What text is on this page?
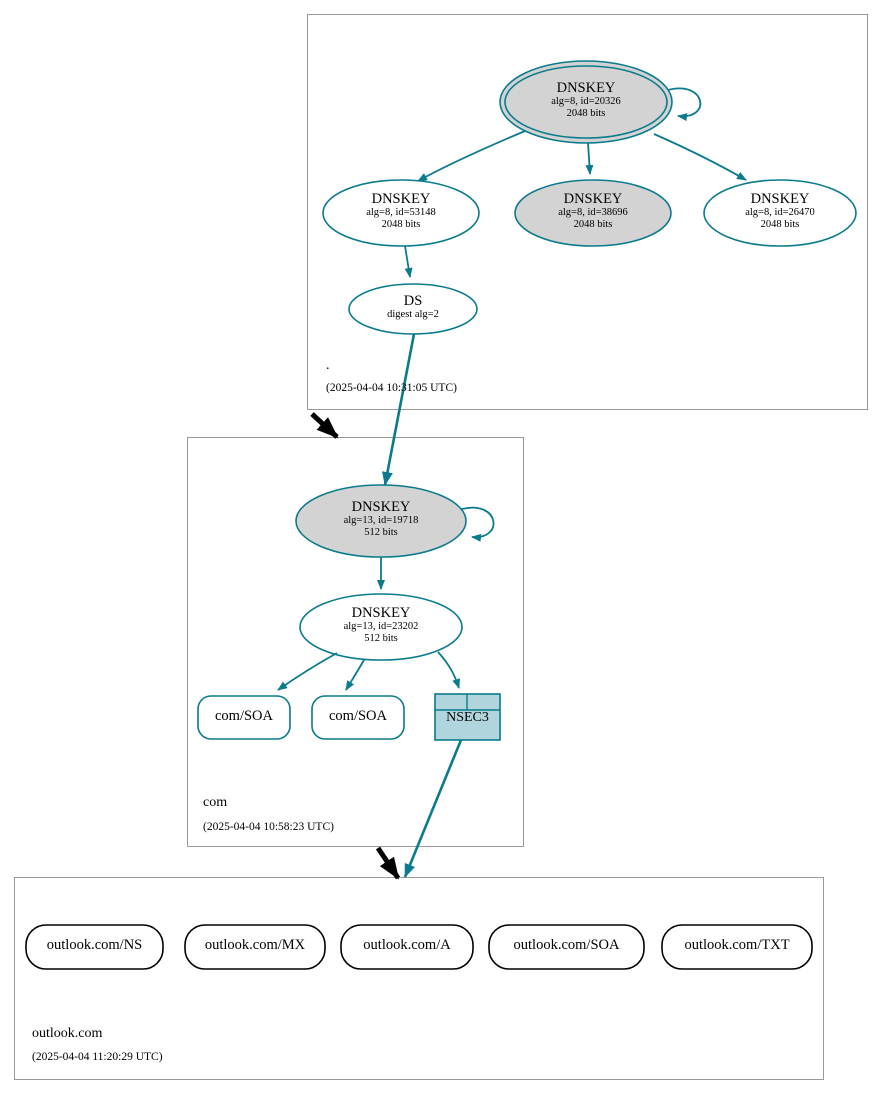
DNSKEY
alg=8, id=20326
2048 bits
DNSKEY
alg=8, id=53148
2048 bits
DNSKEY
alg=8, id=38696
2048 bits
DNSKEY
alg=8, id=26470
2048 bits
DS
digest alg=2
.
(2025-04-04 10:31:05 UTC)
DNSKEY
alg=13, id=19718
512 bits
DNSKEY
alg=13, id=23202
512 bits
com/SOA	com/SOA	NSEC3
com
(2025-04-04 10:58:23 UTC)
outlook.com/NS	outlook.com/MX	outlook.com/A	outlook.com/SOA	outlook.com/TXT
outlook.com
(2025-04-04 11:20:29 UTC)
